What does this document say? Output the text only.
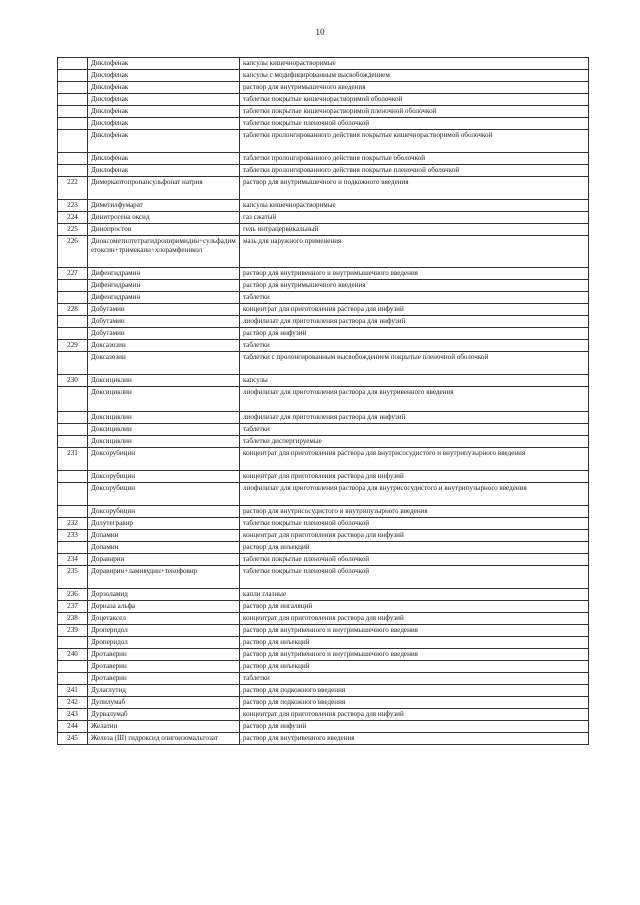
10
	Диклофенак	капсулы кишечнорастворимые
	Диклофенак	капсулы с модифицированным высвобождением
	Диклофенак	раствор для внутримышечного введения
	Диклофенак	таблетки покрытые кишечнорастворимой оболочкой
	Диклофенак	таблетки покрытые кишечнорастворимой пленочной оболочкой
	Диклофенак	таблетки покрытые пленочной оболочкой
	Диклофенак	таблетки пролонгированного действия покрытые кишечнорастворимой оболочкой
	Диклофенак	таблетки пролонгированного действия покрытые оболочкой
	Диклофенак	таблетки пролонгированного действия покрытые пленочной оболочкой
222	Димеркаптопропансульфонат натрия	раствор для внутримышечного и подкожного введения
223	Диметилфумарат	капсулы кишечнорастворимые
224	Динитрогена оксид	газ сжатый
225	Динопростон	гель интрацервикальный
226	Диоксометилтетрагидропиримидин+сульфадиметоксин+тримекаин+хлорамфеникол	мазь для наружного применения
227	Дифенгидрамин	раствор для внутривенного и внутримышечного введения
	Дифенгидрамин	раствор для внутримышечного введения
	Дифенгидрамин	таблетки
228	Добутамин	концентрат для приготовления раствора для инфузий
	Добутамин	лиофилизат для приготовления раствора для инфузий
	Добутамин	раствор для инфузий
229	Доксазозин	таблетки
	Доксазозин	таблетки с пролонгированным высвобождением покрытые пленочной оболочкой
230	Доксициклин	капсулы
	Доксициклин	лиофилизат для приготовления раствора для внутривенного введения
	Доксициклин	лиофилизат для приготовления раствора для инфузий
	Доксициклин	таблетки
	Доксициклин	таблетки диспергируемые
231	Доксорубицин	концентрат для приготовления раствора для внутрисосудистого и внутрипузырного введения
	Доксорубицин	концентрат для приготовления раствора для инфузий
	Доксорубицин	лиофилизат для приготовления раствора для внутрисосудистого и внутрипузырного введения
	Доксорубицин	раствор для внутрисосудистого и внутрипузырного введения
232	Долутегравир	таблетки покрытые пленочной оболочкой
233	Допамин	концентрат для приготовления раствора для инфузий
	Допамин	раствор для инъекций
234	Доравирин	таблетки покрытые пленочной оболочкой
235	Доравирин+ламивудин+тенофовир	таблетки покрытые пленочной оболочкой
236	Дорзоламид	капли глазные
237	Дорназа альфа	раствор для ингаляций
238	Доцетаксел	концентрат для приготовления раствора для инфузий
239	Дроперидол	раствор для внутривенного и внутримышечного введения
	Дроперидол	раствор для инъекций
240	Дротаверин	раствор для внутривенного и внутримышечного введения
	Дротаверин	раствор для инъекций
	Дротаверин	таблетки
241	Дулаглутид	раствор для подкожного введения
242	Дупилумаб	раствор для подкожного введения
243	Дурвалумаб	концентрат для приготовления раствора для инфузий
244	Желатин	раствор для инфузий
245	Железа (III) гидроксид олигоизомальтозат	раствор для внутривенного введения
